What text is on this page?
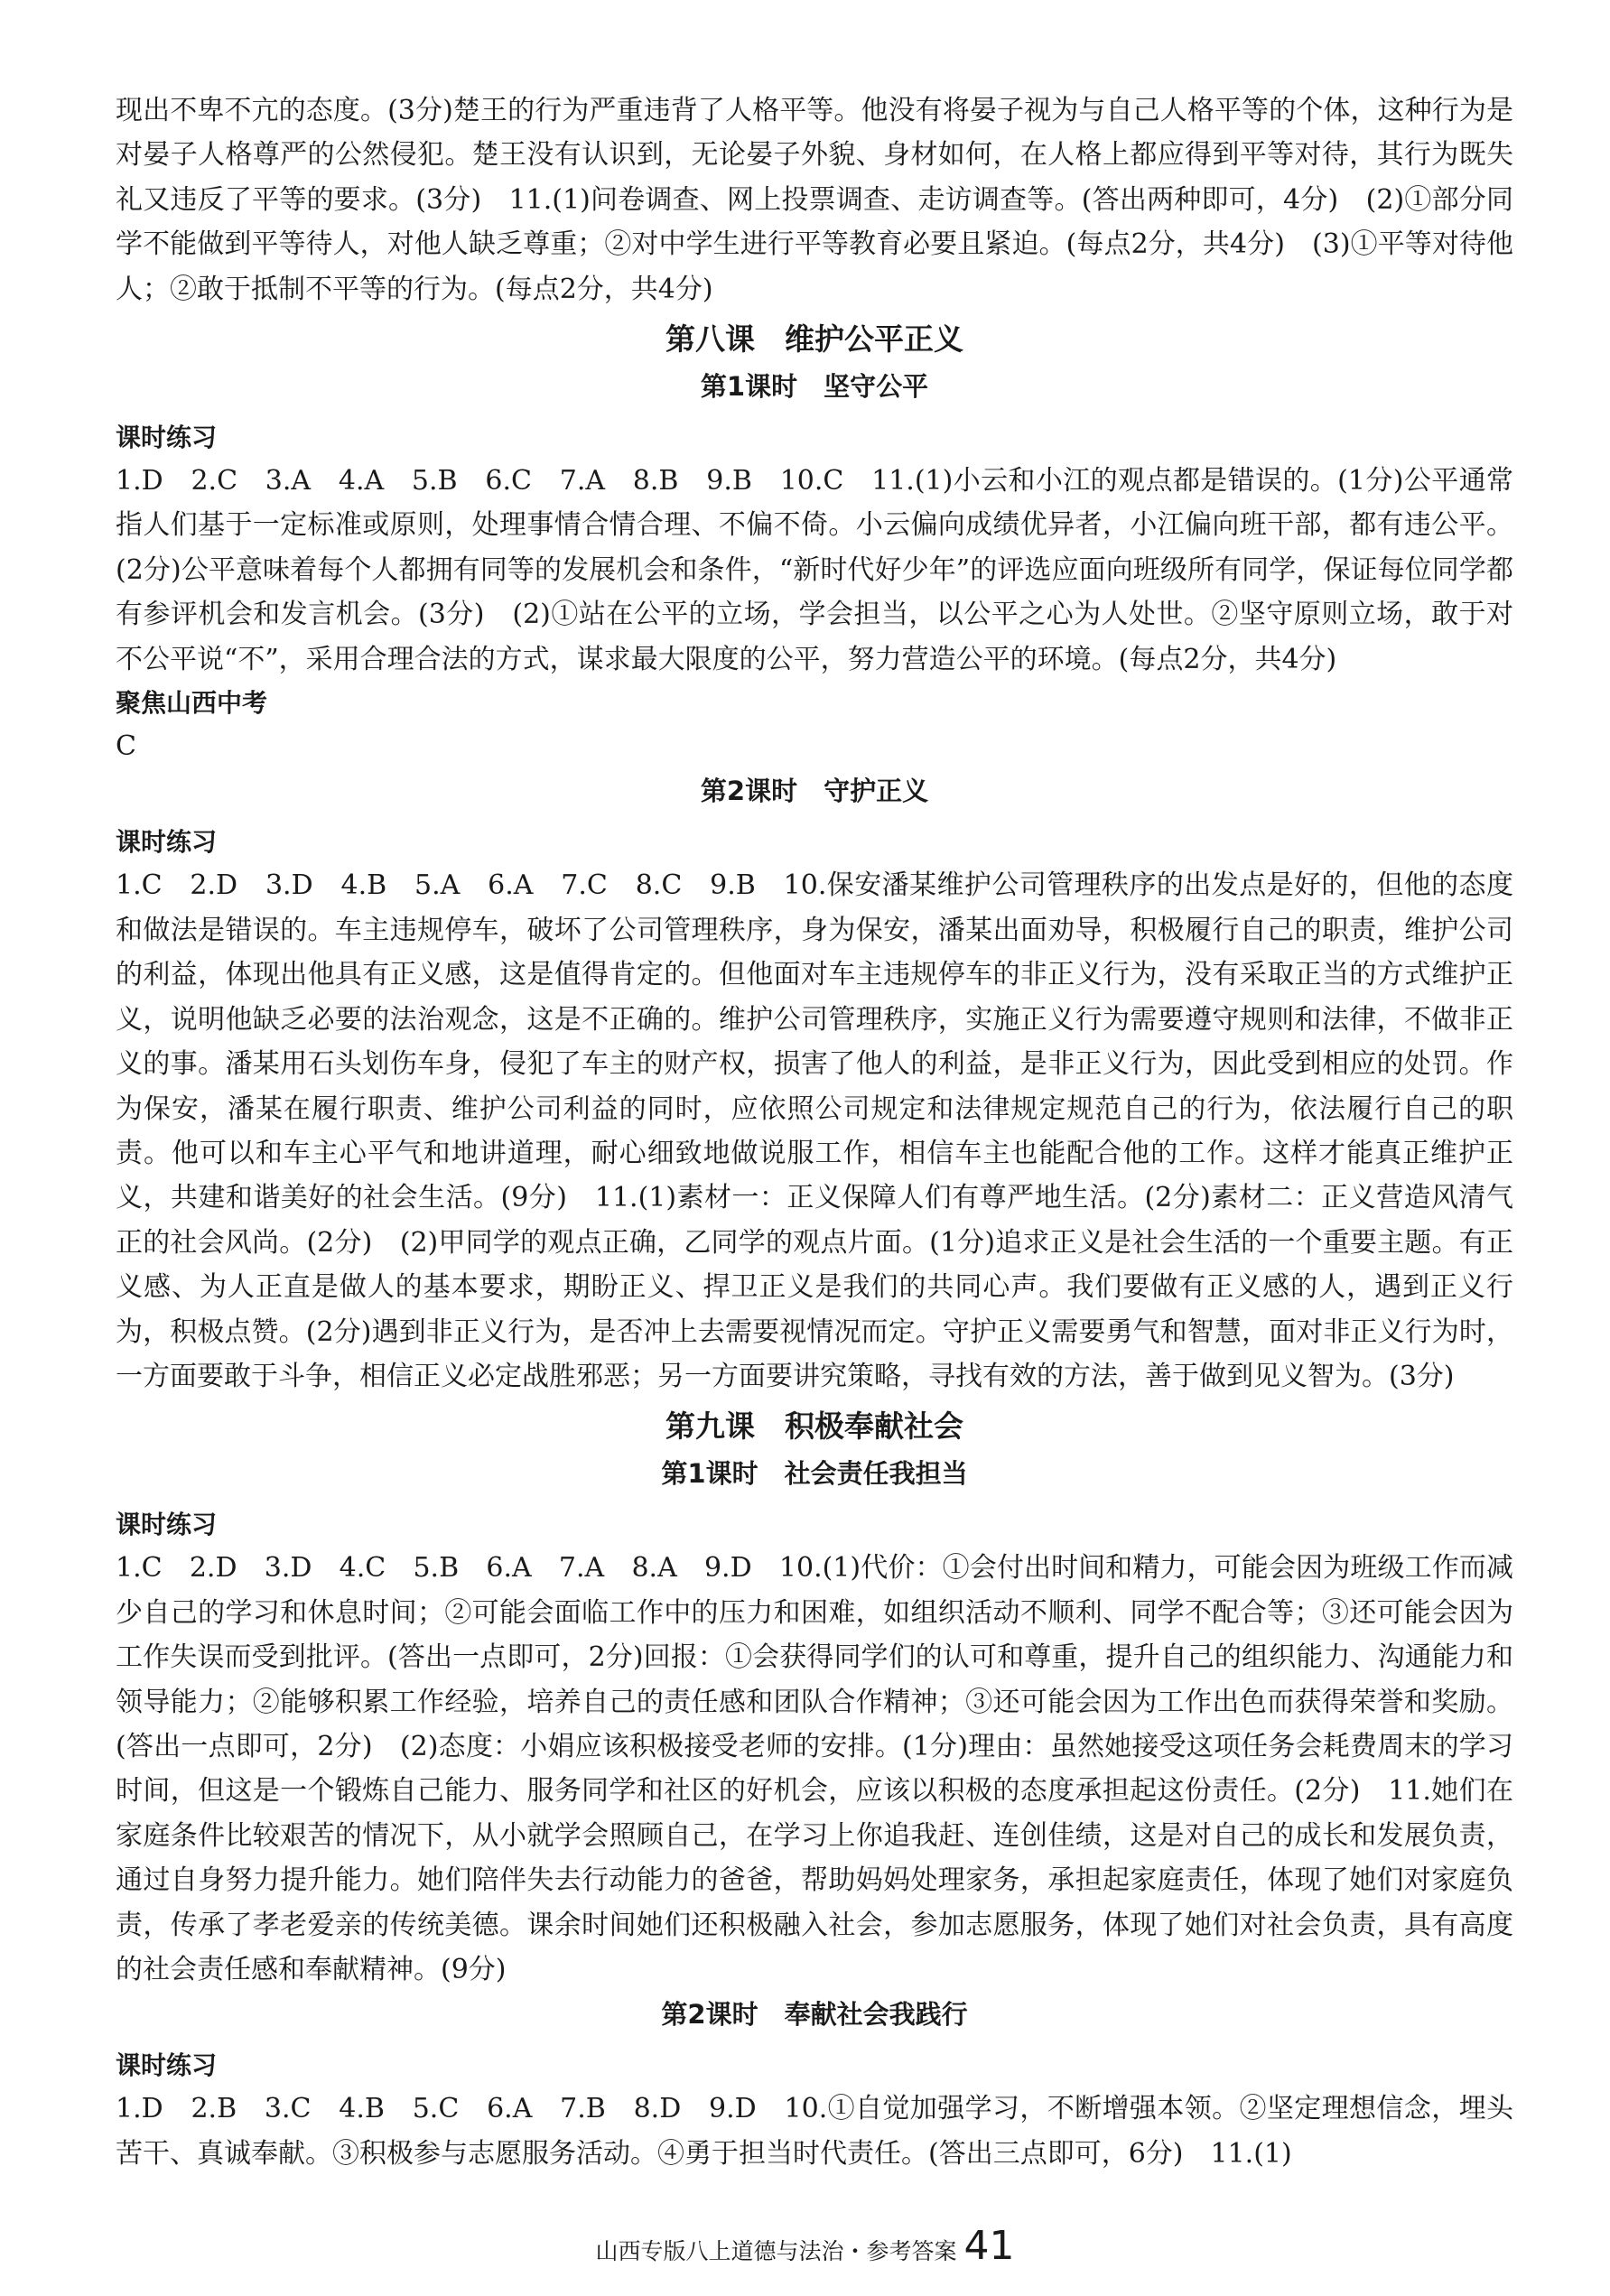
现出不卑不亢的态度。(3分)楚王的行为严重违背了人格平等。他没有将晏子视为与自己人格平等的个体，这种行为是对晏子人格尊严的公然侵犯。楚王没有认识到，无论晏子外貌、身材如何，在人格上都应得到平等对待，其行为既失礼又违反了平等的要求。(3分)　11.(1)问卷调查、网上投票调查、走访调查等。(答出两种即可，4分)　(2)①部分同学不能做到平等待人，对他人缺乏尊重；②对中学生进行平等教育必要且紧迫。(每点2分，共4分)　(3)①平等对待他人；②敢于抵制不平等的行为。(每点2分，共4分)

第八课　维护公平正义
第1课时　坚守公平
课时练习

1.D　2.C　3.A　4.A　5.B　6.C　7.A　8.B　9.B　10.C　11.(1)小云和小江的观点都是错误的。(1分)公平通常指人们基于一定标准或原则，处理事情合情合理、不偏不倚。小云偏向成绩优异者，小江偏向班干部，都有违公平。(2分)公平意味着每个人都拥有同等的发展机会和条件，“新时代好少年”的评选应面向班级所有同学，保证每位同学都有参评机会和发言机会。(3分)　(2)①站在公平的立场，学会担当，以公平之心为人处世。②坚守原则立场，敢于对不公平说“不”，采用合理合法的方式，谋求最大限度的公平，努力营造公平的环境。(每点2分，共4分)

聚焦山西中考

C

第2课时　守护正义
课时练习

1.C　2.D　3.D　4.B　5.A　6.A　7.C　8.C　9.B　10.保安潘某维护公司管理秩序的出发点是好的，但他的态度和做法是错误的。车主违规停车，破坏了公司管理秩序，身为保安，潘某出面劝导，积极履行自己的职责，维护公司的利益，体现出他具有正义感，这是值得肯定的。但他面对车主违规停车的非正义行为，没有采取正当的方式维护正义，说明他缺乏必要的法治观念，这是不正确的。维护公司管理秩序，实施正义行为需要遵守规则和法律，不做非正义的事。潘某用石头划伤车身，侵犯了车主的财产权，损害了他人的利益，是非正义行为，因此受到相应的处罚。作为保安，潘某在履行职责、维护公司利益的同时，应依照公司规定和法律规定规范自己的行为，依法履行自己的职责。他可以和车主心平气和地讲道理，耐心细致地做说服工作，相信车主也能配合他的工作。这样才能真正维护正义，共建和谐美好的社会生活。(9分)　11.(1)素材一：正义保障人们有尊严地生活。(2分)素材二：正义营造风清气正的社会风尚。(2分)　(2)甲同学的观点正确，乙同学的观点片面。(1分)追求正义是社会生活的一个重要主题。有正义感、为人正直是做人的基本要求，期盼正义、捍卫正义是我们的共同心声。我们要做有正义感的人，遇到正义行为，积极点赞。(2分)遇到非正义行为，是否冲上去需要视情况而定。守护正义需要勇气和智慧，面对非正义行为时，一方面要敢于斗争，相信正义必定战胜邪恶；另一方面要讲究策略，寻找有效的方法，善于做到见义智为。(3分)

第九课　积极奉献社会
第1课时　社会责任我担当
课时练习

1.C　2.D　3.D　4.C　5.B　6.A　7.A　8.A　9.D　10.(1)代价：①会付出时间和精力，可能会因为班级工作而减少自己的学习和休息时间；②可能会面临工作中的压力和困难，如组织活动不顺利、同学不配合等；③还可能会因为工作失误而受到批评。(答出一点即可，2分)回报：①会获得同学们的认可和尊重，提升自己的组织能力、沟通能力和领导能力；②能够积累工作经验，培养自己的责任感和团队合作精神；③还可能会因为工作出色而获得荣誉和奖励。(答出一点即可，2分)　(2)态度：小娟应该积极接受老师的安排。(1分)理由：虽然她接受这项任务会耗费周末的学习时间，但这是一个锻炼自己能力、服务同学和社区的好机会，应该以积极的态度承担起这份责任。(2分)　11.她们在家庭条件比较艰苦的情况下，从小就学会照顾自己，在学习上你追我赶、连创佳绩，这是对自己的成长和发展负责，通过自身努力提升能力。她们陪伴失去行动能力的爸爸，帮助妈妈处理家务，承担起家庭责任，体现了她们对家庭负责，传承了孝老爱亲的传统美德。课余时间她们还积极融入社会，参加志愿服务，体现了她们对社会负责，具有高度的社会责任感和奉献精神。(9分)

第2课时　奉献社会我践行
课时练习

1.D　2.B　3.C　4.B　5.C　6.A　7.B　8.D　9.D　10.①自觉加强学习，不断增强本领。②坚定理想信念，埋头苦干、真诚奉献。③积极参与志愿服务活动。④勇于担当时代责任。(答出三点即可，6分)　11.(1)

山西专版八上道德与法治・参考答案 41
